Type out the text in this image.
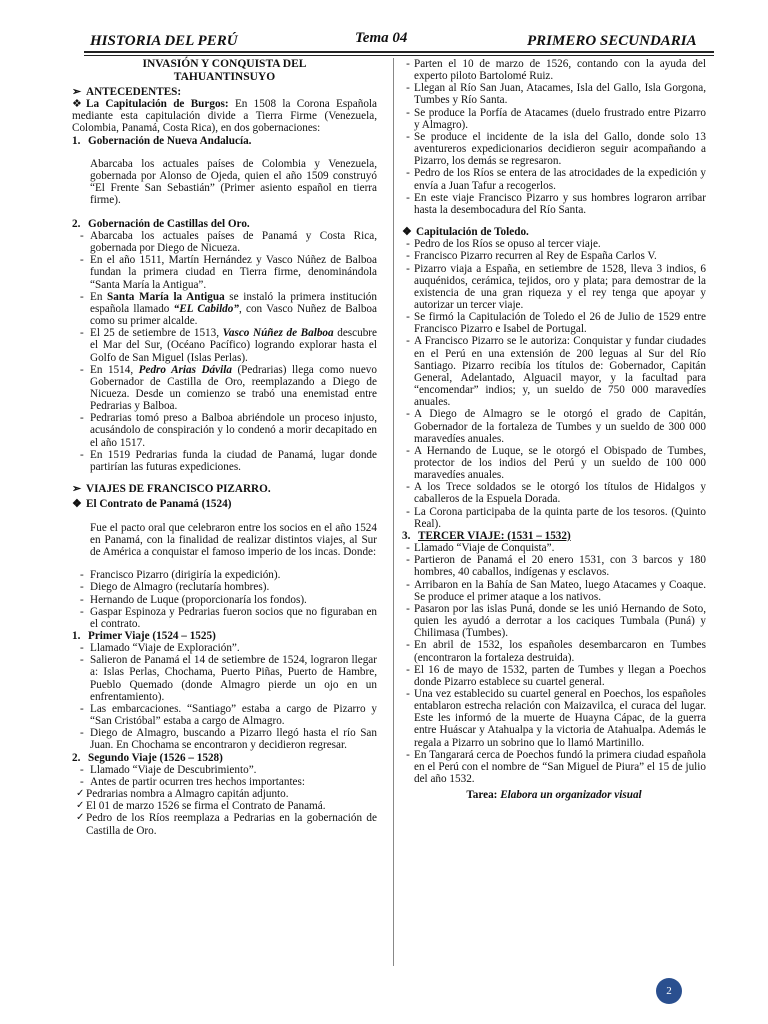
HISTORIA DEL PERÚ	Tema 04	PRIMERO SECUNDARIA
INVASIÓN Y CONQUISTA DEL
TAHUANTINSUYO
➢ ANTECEDENTES:

❖ La Capitulación de Burgos: En 1508 la Corona Española mediante esta capitulación divide a Tierra Firme (Venezuela, Colombia, Panamá, Costa Rica), en dos gobernaciones:

1. Gobernación de Nueva Andalucía.

Abarcaba los actuales países de Colombia y Venezuela, gobernada por Alonso de Ojeda, quien el año 1509 construyó “El Frente San Sebastián” (Primer asiento español en tierra firme).

2. Gobernación de Castillas del Oro.
- Abarcaba los actuales países de Panamá y Costa Rica, gobernada por Diego de Nicueza.
- En el año 1511, Martín Hernández y Vasco Núñez de Balboa fundan la primera ciudad en Tierra firme, denominándola “Santa María la Antigua”.
- En Santa María la Antigua se instaló la primera institución española llamado “EL Cabildo”, con Vasco Nuñez de Balboa como su primer alcalde.
- El 25 de setiembre de 1513, Vasco Núñez de Balboa descubre el Mar del Sur, (Océano Pacífico) logrando explorar hasta el Golfo de San Miguel (Islas Perlas).
- En 1514, Pedro Arias Dávila (Pedrarias) llega como nuevo Gobernador de Castilla de Oro, reemplazando a Diego de Nicueza. Desde un comienzo se trabó una enemistad entre Pedrarias y Balboa.
- Pedrarias tomó preso a Balboa abriéndole un proceso injusto, acusándolo de conspiración y lo condenó a morir decapitado en el año 1517.
- En 1519 Pedrarias funda la ciudad de Panamá, lugar donde partirían las futuras expediciones.
➢ VIAJES DE FRANCISCO PIZARRO.
❖ El Contrato de Panamá (1524)

Fue el pacto oral que celebraron entre los socios en el año 1524 en Panamá, con la finalidad de realizar distintos viajes, al Sur de América a conquistar el famoso imperio de los incas. Donde:

- Francisco Pizarro (dirigiría la expedición).
- Diego de Almagro (reclutaría hombres).
- Hernando de Luque (proporcionaría los fondos).
- Gaspar Espinoza y Pedrarias fueron socios que no figuraban en el contrato.
1. Primer Viaje (1524 – 1525)
- Llamado “Viaje de Exploración”.
- Salieron de Panamá el 14 de setiembre de 1524, lograron llegar a: Islas Perlas, Chochama, Puerto Piñas, Puerto de Hambre, Pueblo Quemado (donde Almagro pierde un ojo en un enfrentamiento).
- Las embarcaciones. “Santiago” estaba a cargo de Pizarro y “San Cristóbal” estaba a cargo de Almagro.
- Diego de Almagro, buscando a Pizarro llegó hasta el río San Juan. En Chochama se encontraron y decidieron regresar.
2. Segundo Viaje (1526 – 1528)
- Llamado “Viaje de Descubrimiento”.
- Antes de partir ocurren tres hechos importantes:
✓ Pedrarias nombra a Almagro capitán adjunto.
✓ El 01 de marzo 1526 se firma el Contrato de Panamá.
✓ Pedro de los Ríos reemplaza a Pedrarias en la gobernación de Castilla de Oro.
- Parten el 10 de marzo de 1526, contando con la ayuda del experto piloto Bartolomé Ruiz.
- Llegan al Río San Juan, Atacames, Isla del Gallo, Isla Gorgona, Tumbes y Río Santa.
- Se produce la Porfía de Atacames (duelo frustrado entre Pizarro y Almagro).
- Se produce el incidente de la isla del Gallo, donde solo 13 aventureros expedicionarios decidieron seguir acompañando a Pizarro, los demás se regresaron.
- Pedro de los Ríos se entera de las atrocidades de la expedición y envía a Juan Tafur a recogerlos.
- En este viaje Francisco Pizarro y sus hombres lograron arribar hasta la desembocadura del Río Santa.
❖ Capitulación de Toledo.
- Pedro de los Ríos se opuso al tercer viaje.
- Francisco Pizarro recurren al Rey de España Carlos V.
- Pizarro viaja a España, en setiembre de 1528, lleva 3 indios, 6 auquénidos, cerámica, tejidos, oro y plata; para demostrar de la existencia de una gran riqueza y el rey tenga que apoyar y autorizar un tercer viaje.
- Se firmó la Capitulación de Toledo el 26 de Julio de 1529 entre Francisco Pizarro e Isabel de Portugal.
- A Francisco Pizarro se le autoriza: Conquistar y fundar ciudades en el Perú en una extensión de 200 leguas al Sur del Río Santiago. Pizarro recibía los títulos de: Gobernador, Capitán General, Adelantado, Alguacil mayor, y la facultad para “encomendar” indios; y, un sueldo de 750 000 maravedíes anuales.
- A Diego de Almagro se le otorgó el grado de Capitán, Gobernador de la fortaleza de Tumbes y un sueldo de 300 000 maravedíes anuales.
- A Hernando de Luque, se le otorgó el Obispado de Tumbes, protector de los indios del Perú y un sueldo de 100 000 maravedíes anuales.
- A los Trece soldados se le otorgó los títulos de Hidalgos y caballeros de la Espuela Dorada.
- La Corona participaba de la quinta parte de los tesoros. (Quinto Real).
3. TERCER VIAJE: (1531 – 1532)
- Llamado “Viaje de Conquista”.
- Partieron de Panamá el 20 enero 1531, con 3 barcos y 180 hombres, 40 caballos, indígenas y esclavos.
- Arribaron en la Bahía de San Mateo, luego Atacames y Coaque. Se produce el primer ataque a los nativos.
- Pasaron por las islas Puná, donde se les unió Hernando de Soto, quien les ayudó a derrotar a los caciques Tumbala (Puná) y Chilimasa (Tumbes).
- En abril de 1532, los españoles desembarcaron en Tumbes (encontraron la fortaleza destruida).
- El 16 de mayo de 1532, parten de Tumbes y llegan a Poechos donde Pizarro establece su cuartel general.
- Una vez establecido su cuartel general en Poechos, los españoles entablaron estrecha relación con Maizavilca, el curaca del lugar. Este les informó de la muerte de Huayna Cápac, de la guerra entre Huáscar y Atahualpa y la victoria de Atahualpa. Además le regala a Pizarro un sobrino que lo llamó Martinillo.
- En Tangarará cerca de Poechos fundó la primera ciudad española en el Perú con el nombre de “San Miguel de Piura” el 15 de julio del año 1532.
Tarea: Elabora un organizador visual
2
